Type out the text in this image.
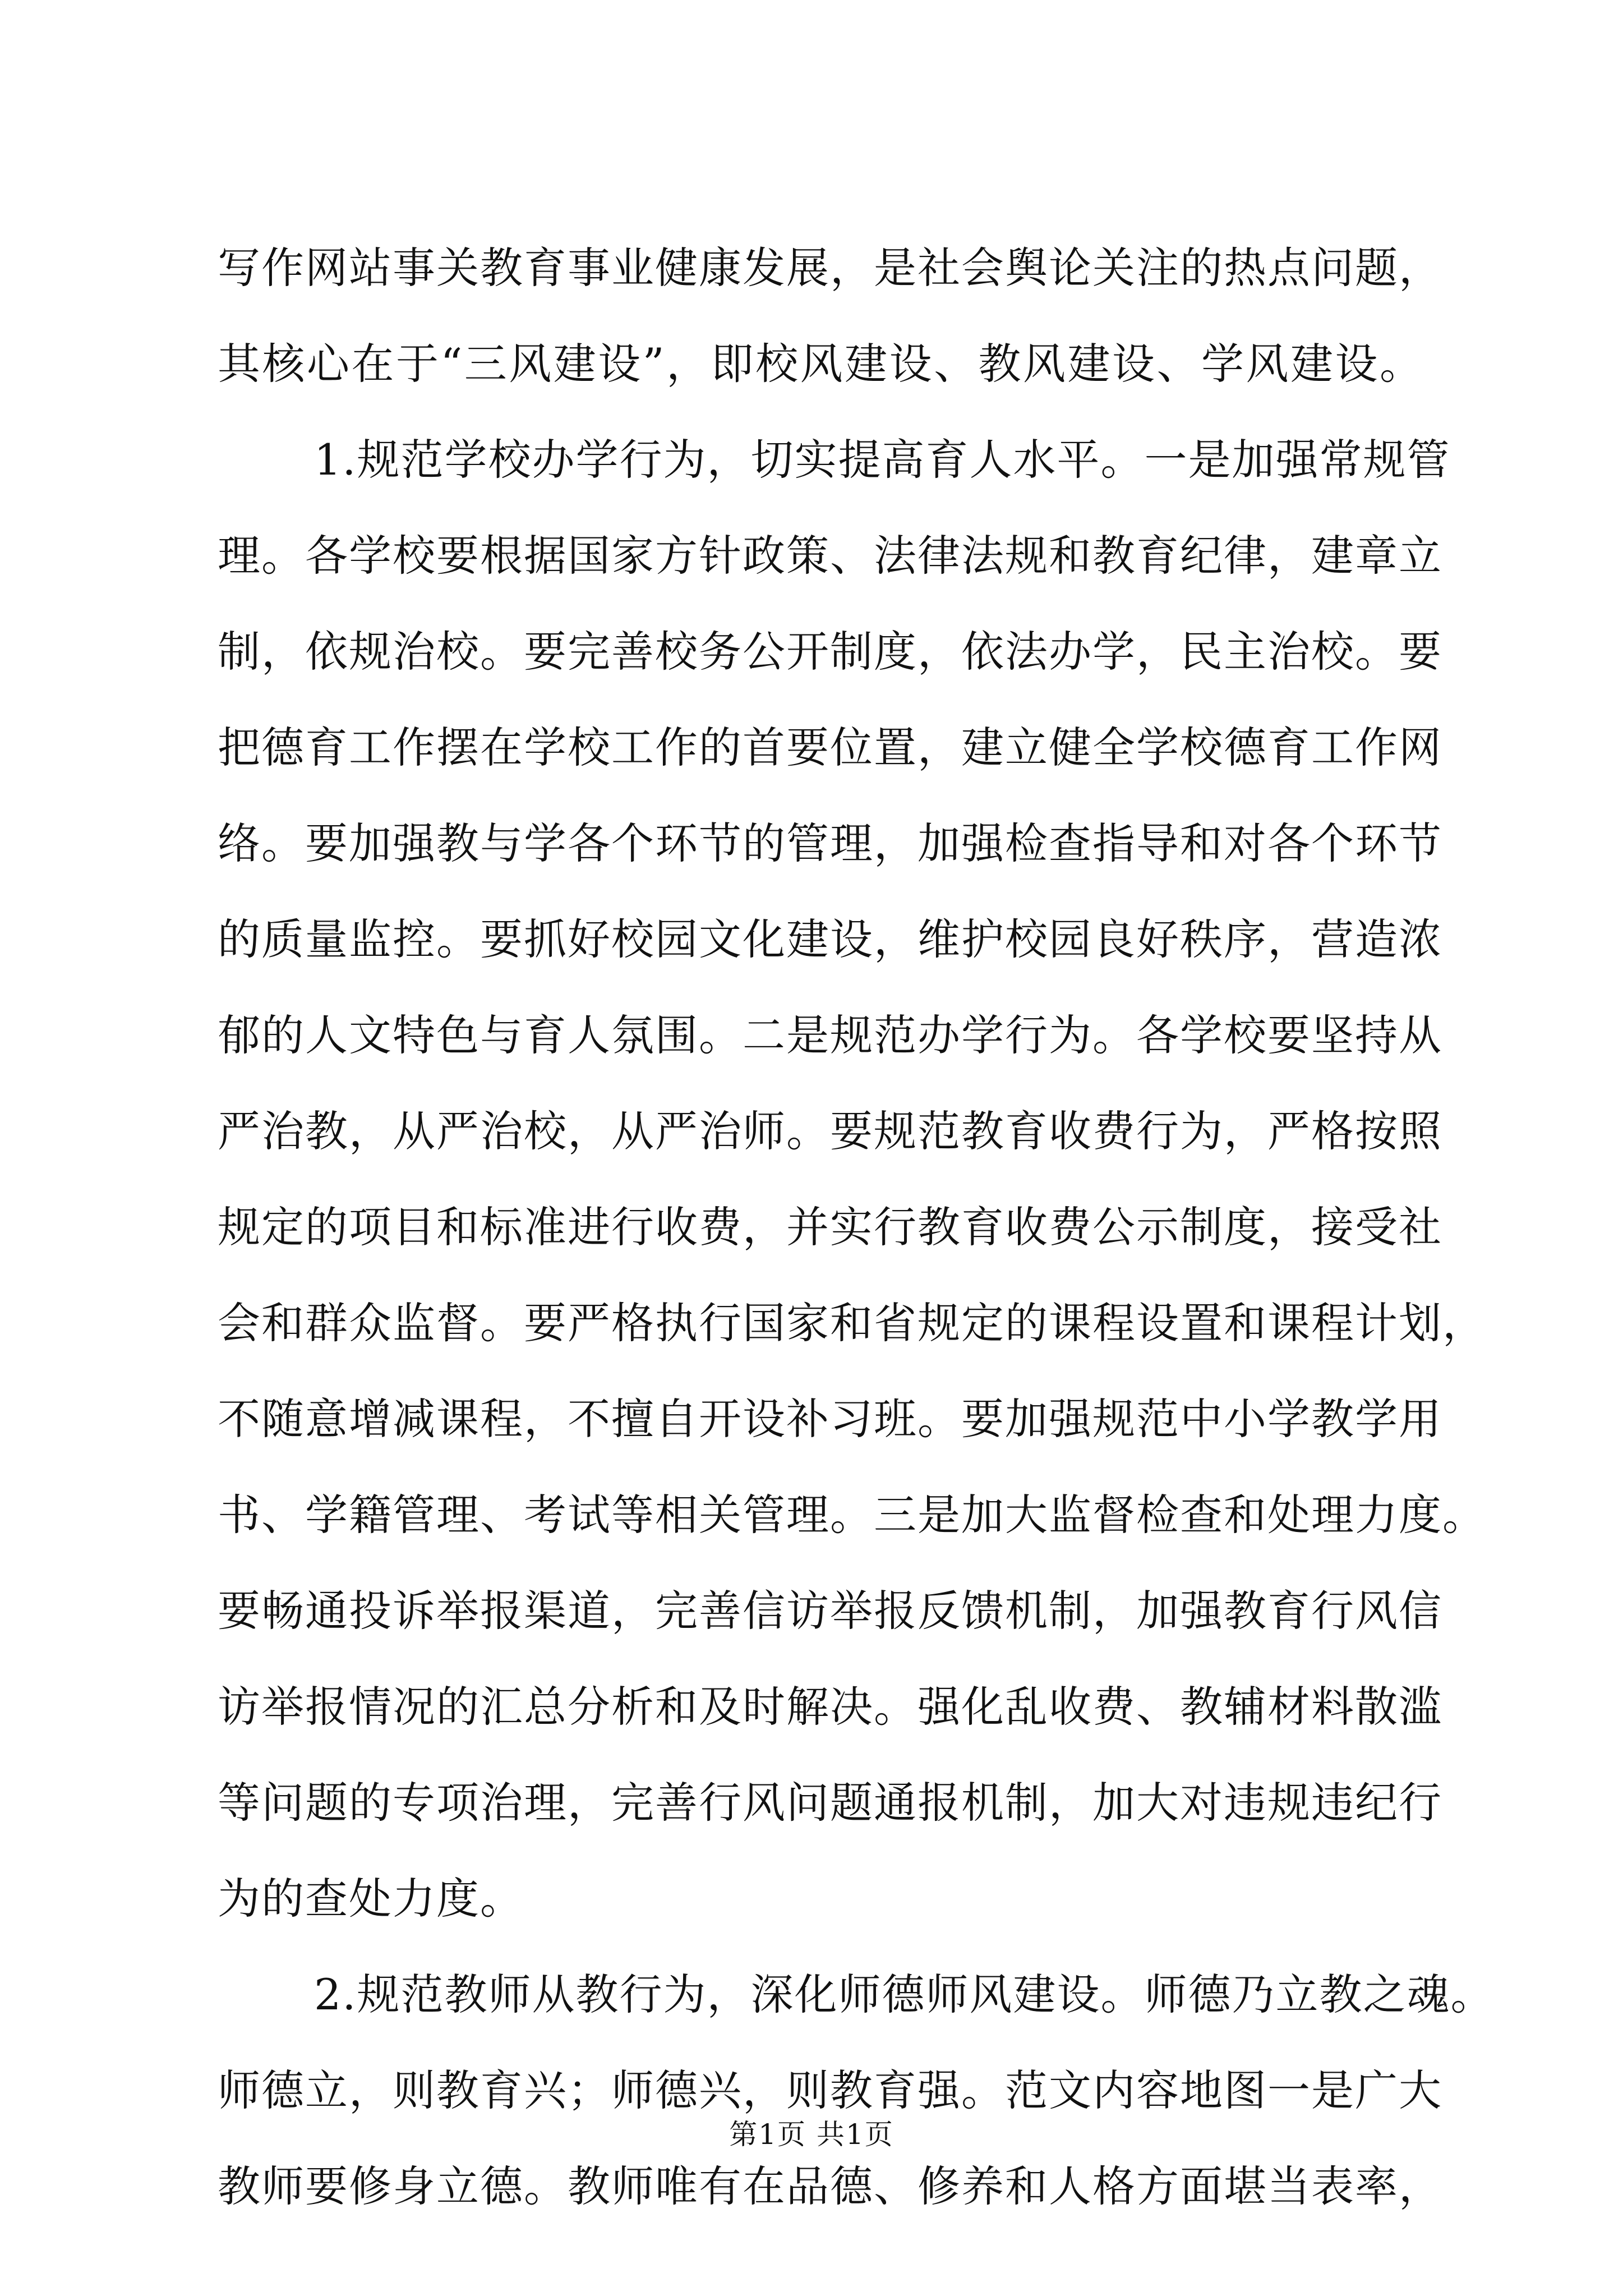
写作网站事关教育事业健康发展，是社会舆论关注的热点问题，
其核心在于“三风建设”，即校风建设、教风建设、学风建设。
1.规范学校办学行为，切实提高育人水平。一是加强常规管
理。各学校要根据国家方针政策、法律法规和教育纪律，建章立
制，依规治校。要完善校务公开制度，依法办学，民主治校。要
把德育工作摆在学校工作的首要位置，建立健全学校德育工作网
络。要加强教与学各个环节的管理，加强检查指导和对各个环节
的质量监控。要抓好校园文化建设，维护校园良好秩序，营造浓
郁的人文特色与育人氛围。二是规范办学行为。各学校要坚持从
严治教，从严治校，从严治师。要规范教育收费行为，严格按照
规定的项目和标准进行收费，并实行教育收费公示制度，接受社
会和群众监督。要严格执行国家和省规定的课程设置和课程计划，
不随意增减课程，不擅自开设补习班。要加强规范中小学教学用
书、学籍管理、考试等相关管理。三是加大监督检查和处理力度。
要畅通投诉举报渠道，完善信访举报反馈机制，加强教育行风信
访举报情况的汇总分析和及时解决。强化乱收费、教辅材料散滥
等问题的专项治理，完善行风问题通报机制，加大对违规违纪行
为的查处力度。
2.规范教师从教行为，深化师德师风建设。师德乃立教之魂。
师德立，则教育兴；师德兴，则教育强。范文内容地图一是广大
教师要修身立德。教师唯有在品德、修养和人格方面堪当表率，
第1页 共1页
